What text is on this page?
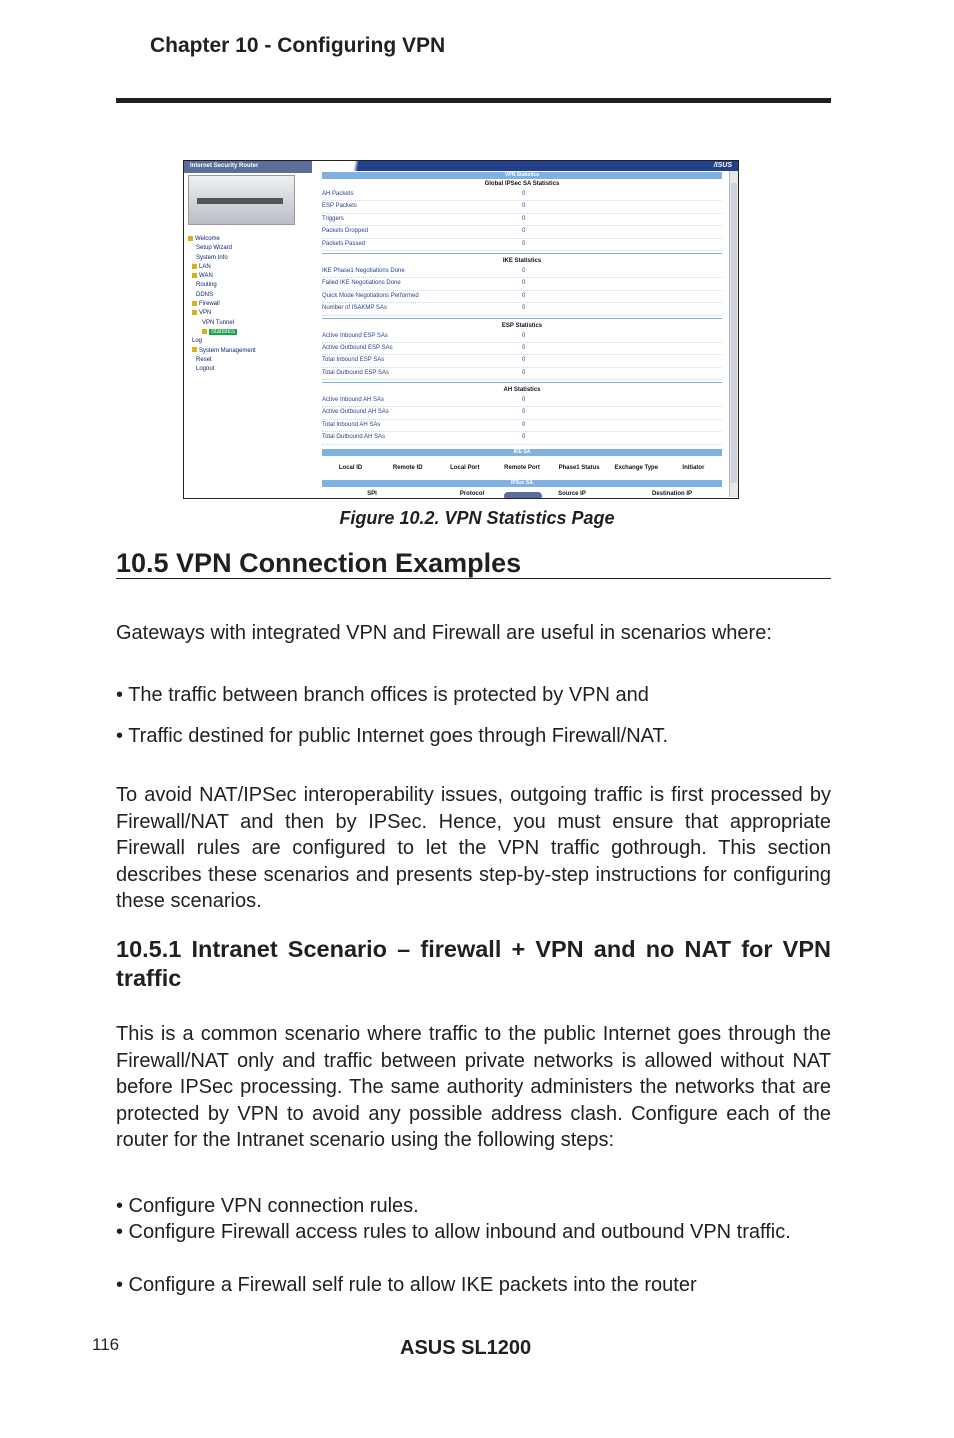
Chapter 10 - Configuring VPN
Internet Security Router
Welcome
Setup Wizard
System Info
LAN
WAN
Routing
DDNS
Firewall
VPN
VPN Tunnel
Statistics
Log
System Management
Reset
Logout
/ISUS
VPN Statistics
Global IPSec SA Statistics
AH Packets	0
ESP Packets	0
Triggers	0
Packets Dropped	0
Packets Passed	0
IKE Statistics
IKE Phase1 Negotiations Done	0
Failed IKE Negotiations Done	0
Quick Mode Negotiations Performed	0
Number of ISAKMP SAs	0
ESP Statistics
Active Inbound ESP SAs	0
Active Outbound ESP SAs	0
Total Inbound ESP SAs	0
Total Outbound ESP SAs	0
AH Statistics
Active Inbound AH SAs	0
Active Outbound AH SAs	0
Total Inbound AH SAs	0
Total Outbound AH SAs	0
IKE SA
Local ID	Remote ID	Local Port	Remote Port	Phase1 Status	Exchange Type	Initiator
IPSec SA
SPI	Protocol	Source IP	Destination IP
Figure 10.2. VPN Statistics Page
10.5 VPN Connection Examples

Gateways with integrated VPN and Firewall are useful in scenarios where:

• The traffic between branch offices is protected by VPN and

• Traffic destined for public Internet goes through Firewall/NAT.

To avoid NAT/IPSec interoperability issues, outgoing traffic is first processed by Firewall/NAT and then by IPSec. Hence, you must ensure that appropriate Firewall rules are configured to let the VPN traffic gothrough. This section describes these scenarios and presents step-by-step instructions for configuring these scenarios.

10.5.1 Intranet Scenario – firewall + VPN and no NAT for VPN traffic

This is a common scenario where traffic to the public Internet goes through the Firewall/NAT only and traffic between private networks is allowed without NAT before IPSec processing. The same authority administers the networks that are protected by VPN to avoid any possible address clash. Configure each of the router for the Intranet scenario using the following steps:

• Configure VPN connection rules.

• Configure Firewall access rules to allow inbound and outbound VPN traffic.

• Configure a Firewall self rule to allow IKE packets into the router

116	ASUS SL1200
